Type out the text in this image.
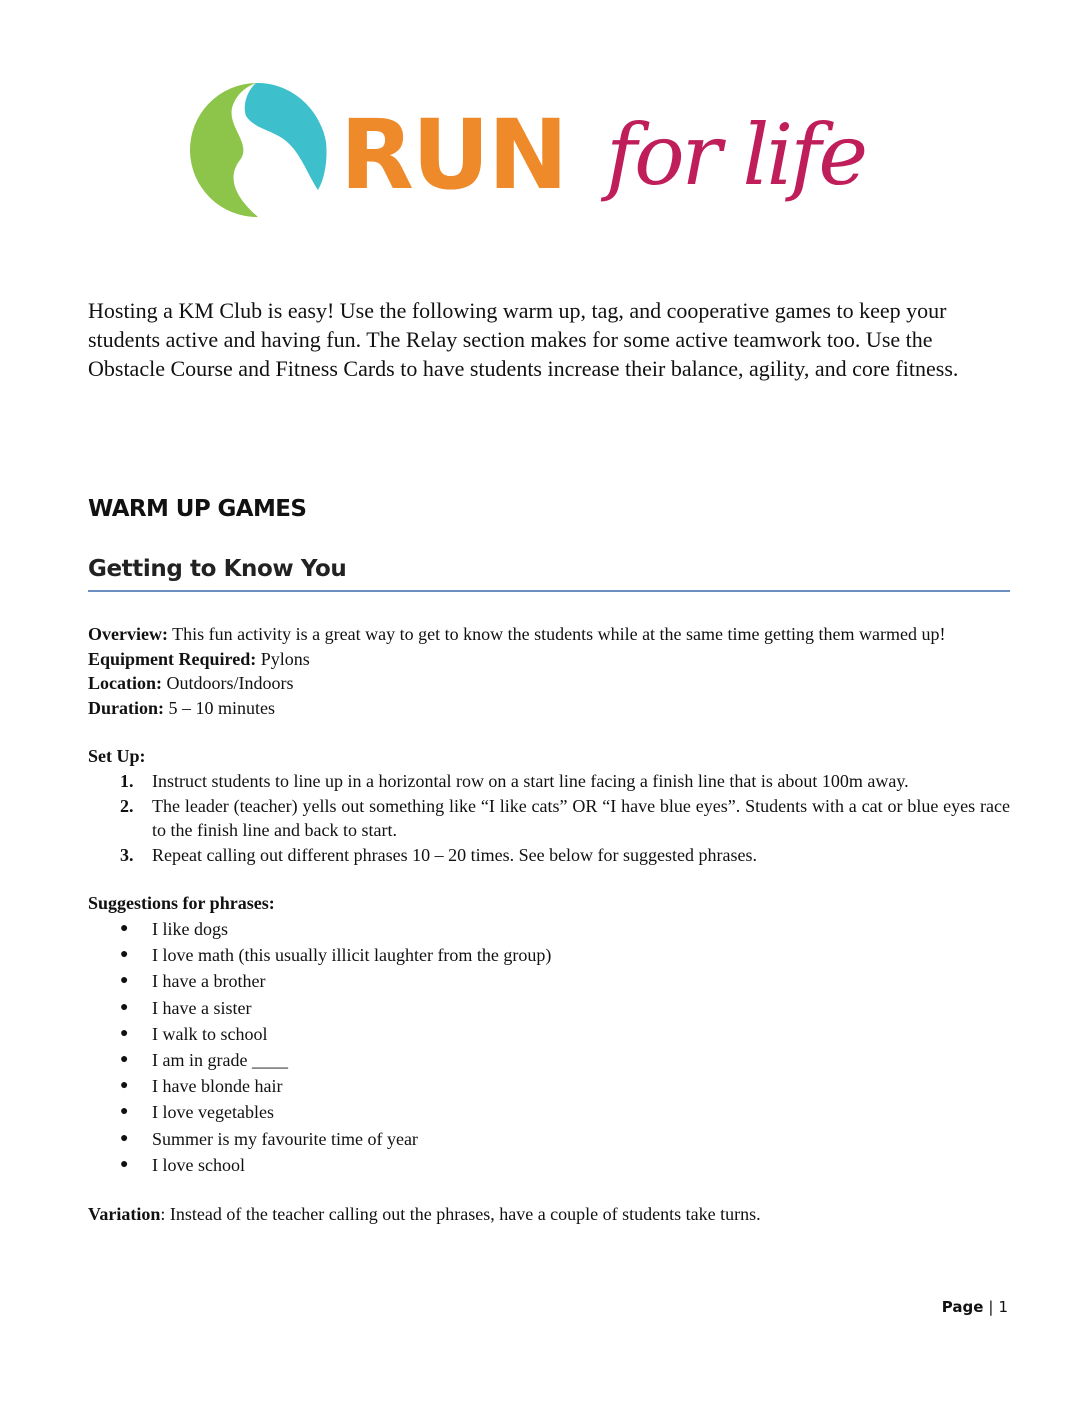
RUN for life

Hosting a KM Club is easy! Use the following warm up, tag, and cooperative games to keep your students active and having fun. The Relay section makes for some active teamwork too. Use the Obstacle Course and Fitness Cards to have students increase their balance, agility, and core fitness.

WARM UP GAMES
Getting to Know You

Overview: This fun activity is a great way to get to know the students while at the same time getting them warmed up!

Equipment Required: Pylons

Location: Outdoors/Indoors

Duration: 5 – 10 minutes

Set Up:

1. Instruct students to line up in a horizontal row on a start line facing a finish line that is about 100m away.
2. The leader (teacher) yells out something like “I like cats” OR “I have blue eyes”. Students with a cat or blue eyes race to the finish line and back to start.
3. Repeat calling out different phrases 10 – 20 times. See below for suggested phrases.

Suggestions for phrases:

● I like dogs
● I love math (this usually illicit laughter from the group)
● I have a brother
● I have a sister
● I walk to school
● I am in grade ____
● I have blonde hair
● I love vegetables
● Summer is my favourite time of year
● I love school

Variation: Instead of the teacher calling out the phrases, have a couple of students take turns.

Page | 1
